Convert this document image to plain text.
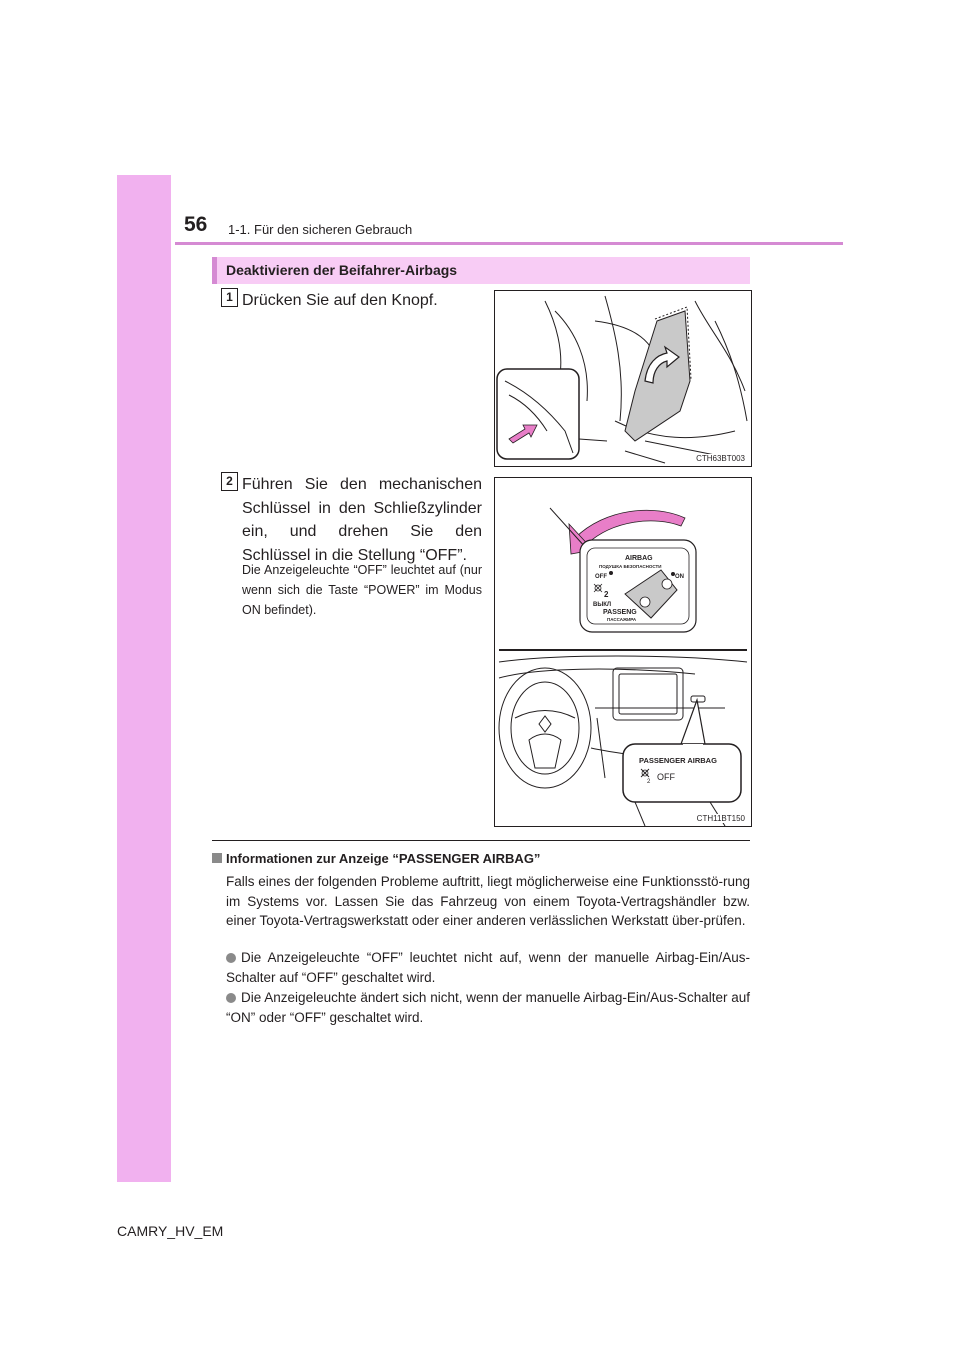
56 1-1. Für den sicheren Gebrauch
Deaktivieren der Beifahrer-Airbags
1 Drücken Sie auf den Knopf.
CTH63BT003
2 Führen Sie den mechanischen Schlüssel in den Schließzylinder ein, und drehen Sie den Schlüssel in die Stellung “OFF”.
Die Anzeigeleuchte “OFF” leuchtet auf (nur wenn sich die Taste “POWER” im Modus ON befindet).
AIRBAG
ПОДУШКА БЕЗОПАСНОСТИ
OFF	ON
2
ВЫКЛ
PASSENG
ПАССАЖИРА
PASSENGER AIRBAG
2 OFF
CTH11BT150
Informationen zur Anzeige “PASSENGER AIRBAG”
Falls eines der folgenden Probleme auftritt, liegt möglicherweise eine Funktionsstö-rung im Systems vor. Lassen Sie das Fahrzeug von einem Toyota-Vertragshändler bzw. einer Toyota-Vertragswerkstatt oder einer anderen verlässlichen Werkstatt über-prüfen.
Die Anzeigeleuchte “OFF” leuchtet nicht auf, wenn der manuelle Airbag-Ein/Aus-Schalter auf “OFF” geschaltet wird.
Die Anzeigeleuchte ändert sich nicht, wenn der manuelle Airbag-Ein/Aus-Schalter auf “ON” oder “OFF” geschaltet wird.
CAMRY_HV_EM
